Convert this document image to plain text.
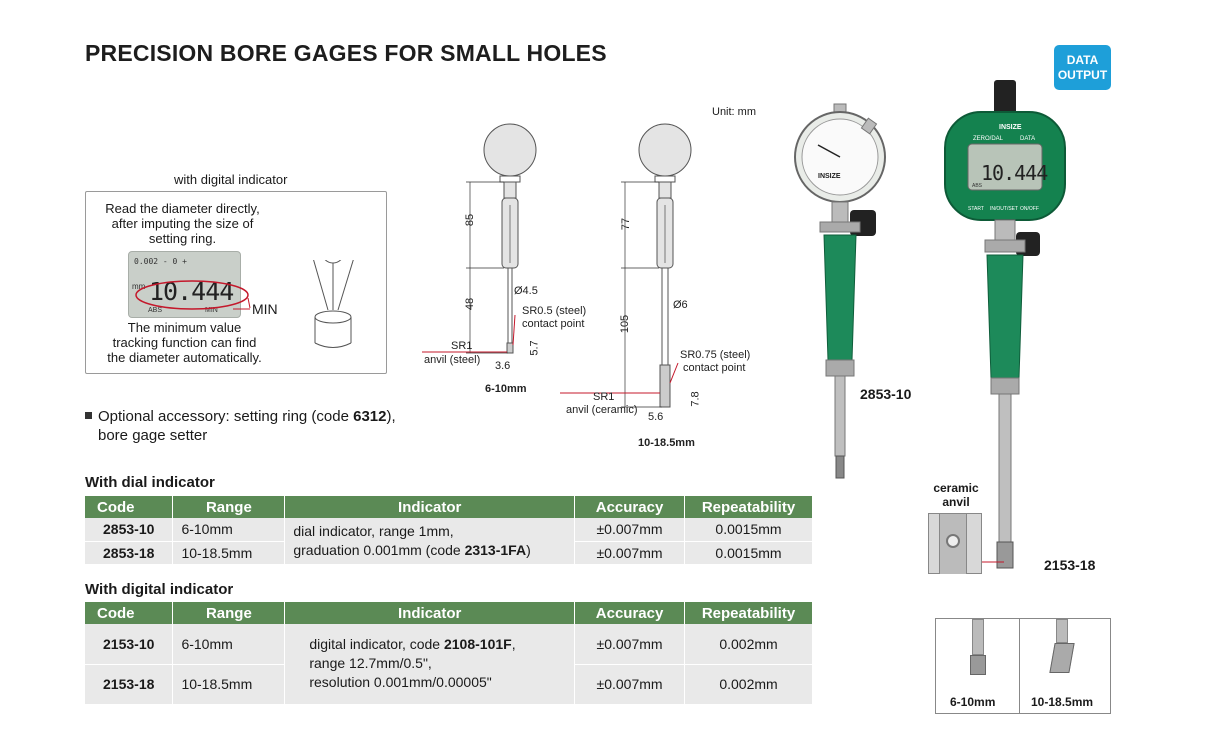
PRECISION BORE GAGES FOR SMALL HOLES	DATA
OUTPUT
with digital indicator
Read the diameter directly,
after imputing the size of
setting ring.
0.002 - 0 +
mm 10.444
ABS	MIN MIN
The minimum value
tracking function can find
the diameter automatically.
Optional accessory: setting ring (code 6312),
bore gage setter
Unit: mm
85
48
Ø4.5
SR0.5 (steel)
contact point
SR1
anvil (steel) 3.6
5.7
6-10mm
77
105
Ø6
SR0.75 (steel)
contact point
SR1
anvil (ceramic)
5.6
7.8
10-18.5mm
INSIZE
INSIZE
ZERO/DAL	DATA
10.444
ABS
START IN/OUT/SET ON/OFF
2853-10
2153-18
ceramic
anvil
6-10mm	10-18.5mm
With dial indicator
Code	Range	Indicator	Accuracy	Repeatability
2853-10	6-10mm	dial indicator, range 1mm,
graduation 0.001mm (code 2313-1FA)	±0.007mm	0.0015mm
2853-18	10-18.5mm		±0.007mm	0.0015mm
With digital indicator
Code	Range	Indicator	Accuracy	Repeatability
2153-10	6-10mm	digital indicator, code 2108-101F,
range 12.7mm/0.5",
resolution 0.001mm/0.00005"	±0.007mm	0.002mm
2153-18	10-18.5mm		±0.007mm	0.002mm
